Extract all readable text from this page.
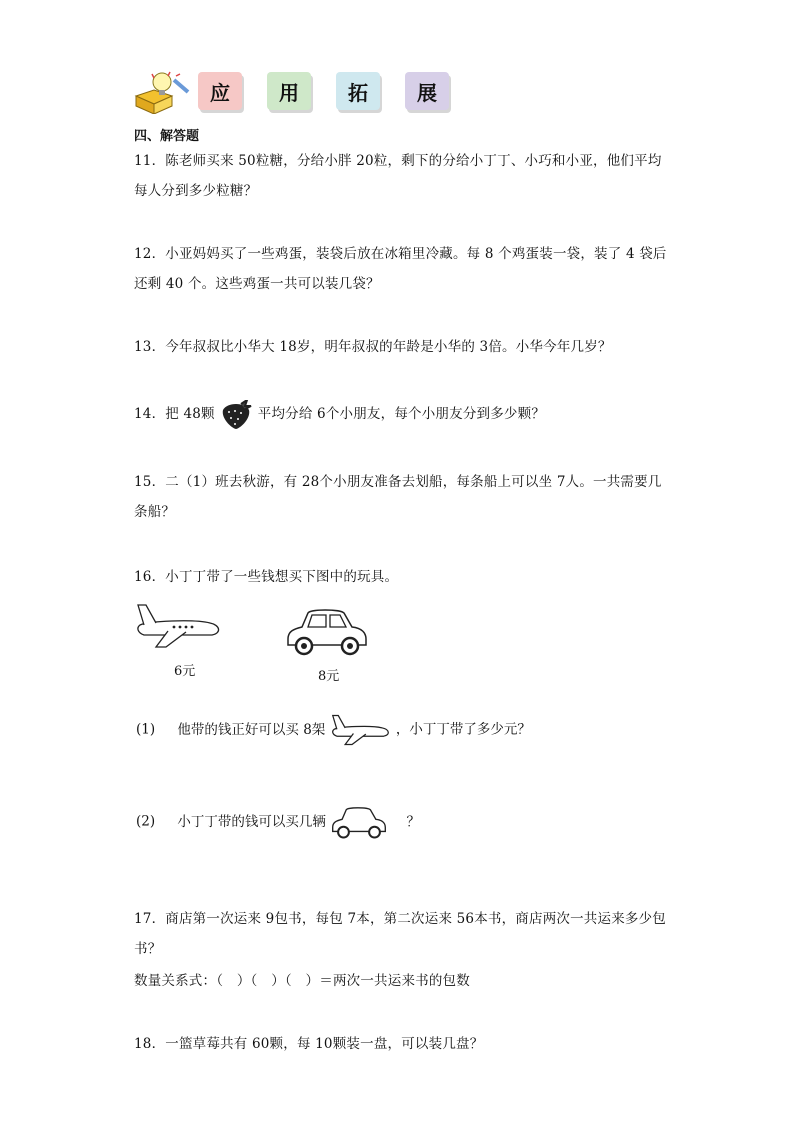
应	用	拓	展
四、解答题
11．陈老师买来 50粒糖，分给小胖 20粒，剩下的分给小丁丁、小巧和小亚，他们平均每人分到多少粒糖？
12．小亚妈妈买了一些鸡蛋，装袋后放在冰箱里冷藏。每 8 个鸡蛋装一袋，装了 4 袋后还剩 40 个。这些鸡蛋一共可以装几袋？
13．今年叔叔比小华大 18岁，明年叔叔的年龄是小华的 3倍。小华今年几岁？
14．把 48颗	平均分给 6个小朋友，每个小朋友分到多少颗？
15．二（1）班去秋游，有 28个小朋友准备去划船，每条船上可以坐 7人。一共需要几条船？
16．小丁丁带了一些钱想买下图中的玩具。
6元	8元
(1) 他带的钱正好可以买 8架	，小丁丁带了多少元？
(2) 小丁丁带的钱可以买几辆	？
17．商店第一次运来 9包书，每包 7本，第二次运来 56本书，商店两次一共运来多少包书？
数量关系式：（　）（　）（　）＝两次一共运来书的包数
18．一篮草莓共有 60颗，每 10颗装一盘，可以装几盘？
